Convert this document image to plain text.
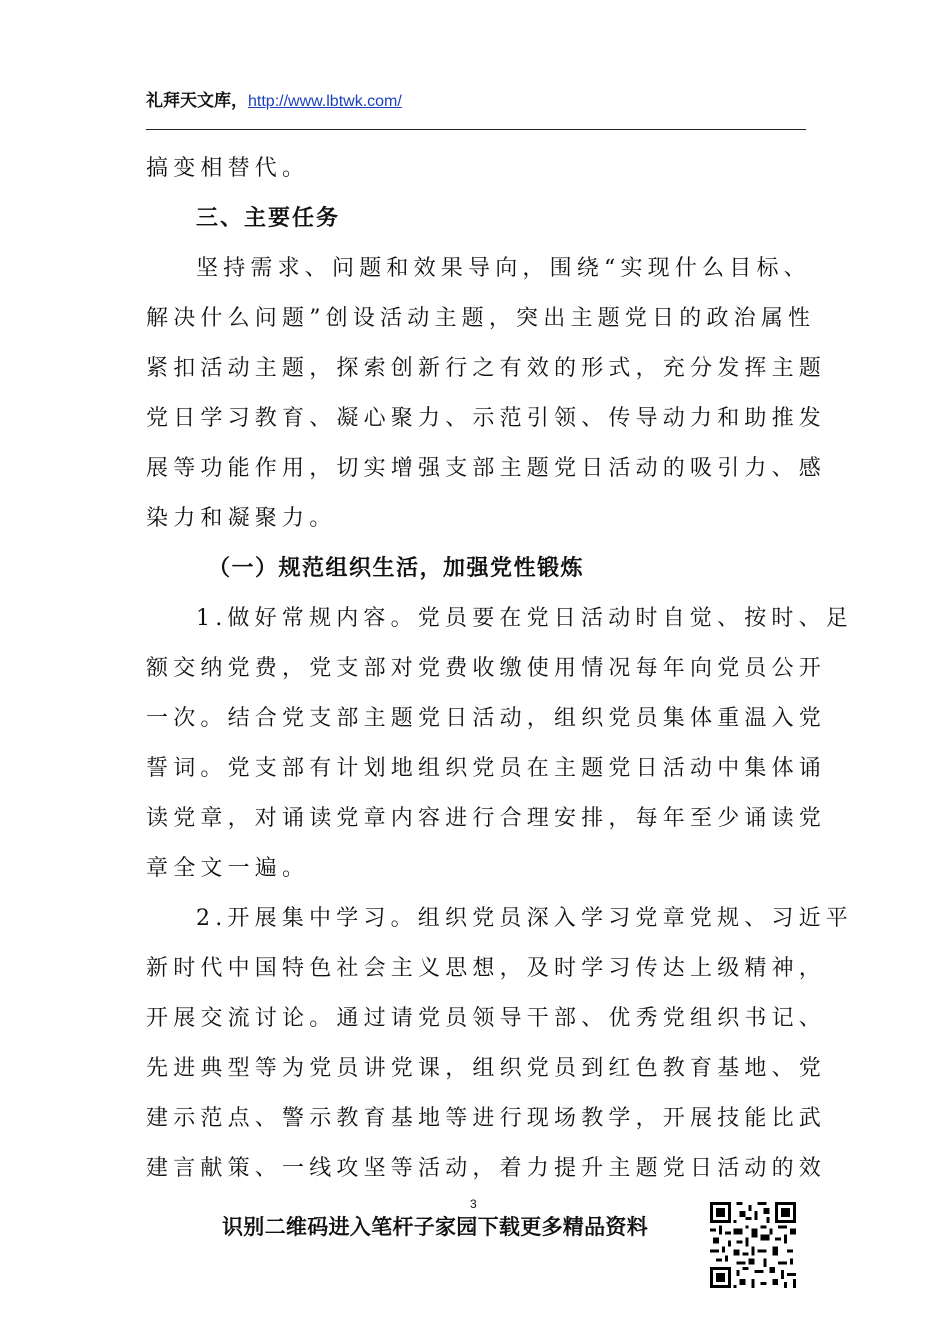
礼拜天文库，http://www.lbtwk.com/
搞变相替代。
三、主要任务
坚持需求、问题和效果导向，围绕“实现什么目标、
解决什么问题”创设活动主题，突出主题党日的政治属性
紧扣活动主题，探索创新行之有效的形式，充分发挥主题
党日学习教育、凝心聚力、示范引领、传导动力和助推发
展等功能作用，切实增强支部主题党日活动的吸引力、感
染力和凝聚力。
（一）规范组织生活，加强党性锻炼
1.做好常规内容。党员要在党日活动时自觉、按时、足
额交纳党费，党支部对党费收缴使用情况每年向党员公开
一次。结合党支部主题党日活动，组织党员集体重温入党
誓词。党支部有计划地组织党员在主题党日活动中集体诵
读党章，对诵读党章内容进行合理安排，每年至少诵读党
章全文一遍。
2.开展集中学习。组织党员深入学习党章党规、习近平
新时代中国特色社会主义思想，及时学习传达上级精神，
开展交流讨论。通过请党员领导干部、优秀党组织书记、
先进典型等为党员讲党课，组织党员到红色教育基地、党
建示范点、警示教育基地等进行现场教学，开展技能比武
建言献策、一线攻坚等活动，着力提升主题党日活动的效
3
识别二维码进入笔杆子家园下载更多精品资料
